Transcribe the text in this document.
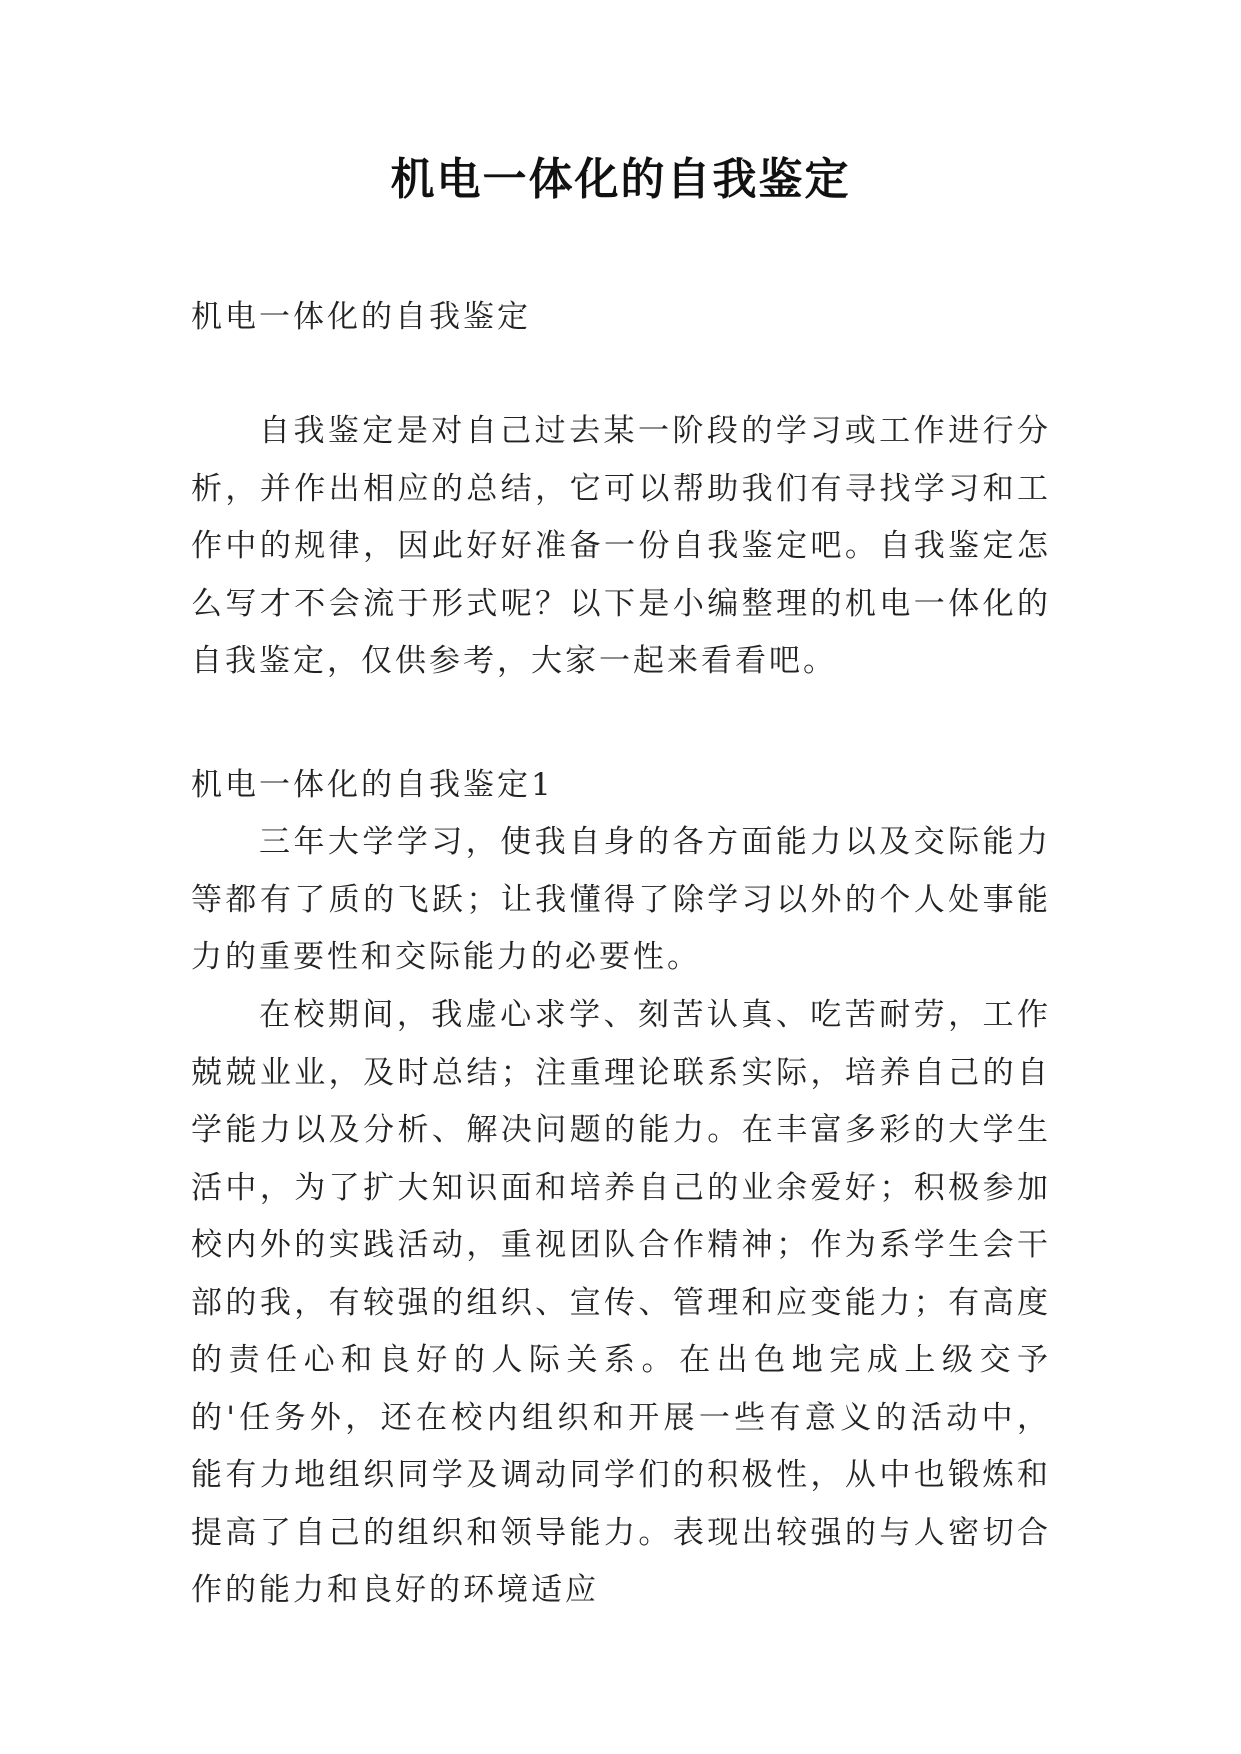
机电一体化的自我鉴定

机电一体化的自我鉴定

自我鉴定是对自己过去某一阶段的学习或工作进行分析，并作出相应的总结，它可以帮助我们有寻找学习和工作中的规律，因此好好准备一份自我鉴定吧。自我鉴定怎么写才不会流于形式呢？以下是小编整理的机电一体化的自我鉴定，仅供参考，大家一起来看看吧。

机电一体化的自我鉴定1

三年大学学习，使我自身的各方面能力以及交际能力等都有了质的飞跃；让我懂得了除学习以外的个人处事能力的重要性和交际能力的必要性。

在校期间，我虚心求学、刻苦认真、吃苦耐劳，工作兢兢业业，及时总结；注重理论联系实际，培养自己的自学能力以及分析、解决问题的能力。在丰富多彩的大学生活中，为了扩大知识面和培养自己的业余爱好；积极参加校内外的实践活动，重视团队合作精神；作为系学生会干部的我，有较强的组织、宣传、管理和应变能力；有高度的责任心和良好的人际关系。在出色地完成上级交予的'任务外，还在校内组织和开展一些有意义的活动中，能有力地组织同学及调动同学们的积极性，从中也锻炼和提高了自己的组织和领导能力。表现出较强的与人密切合作的能力和良好的环境适应
